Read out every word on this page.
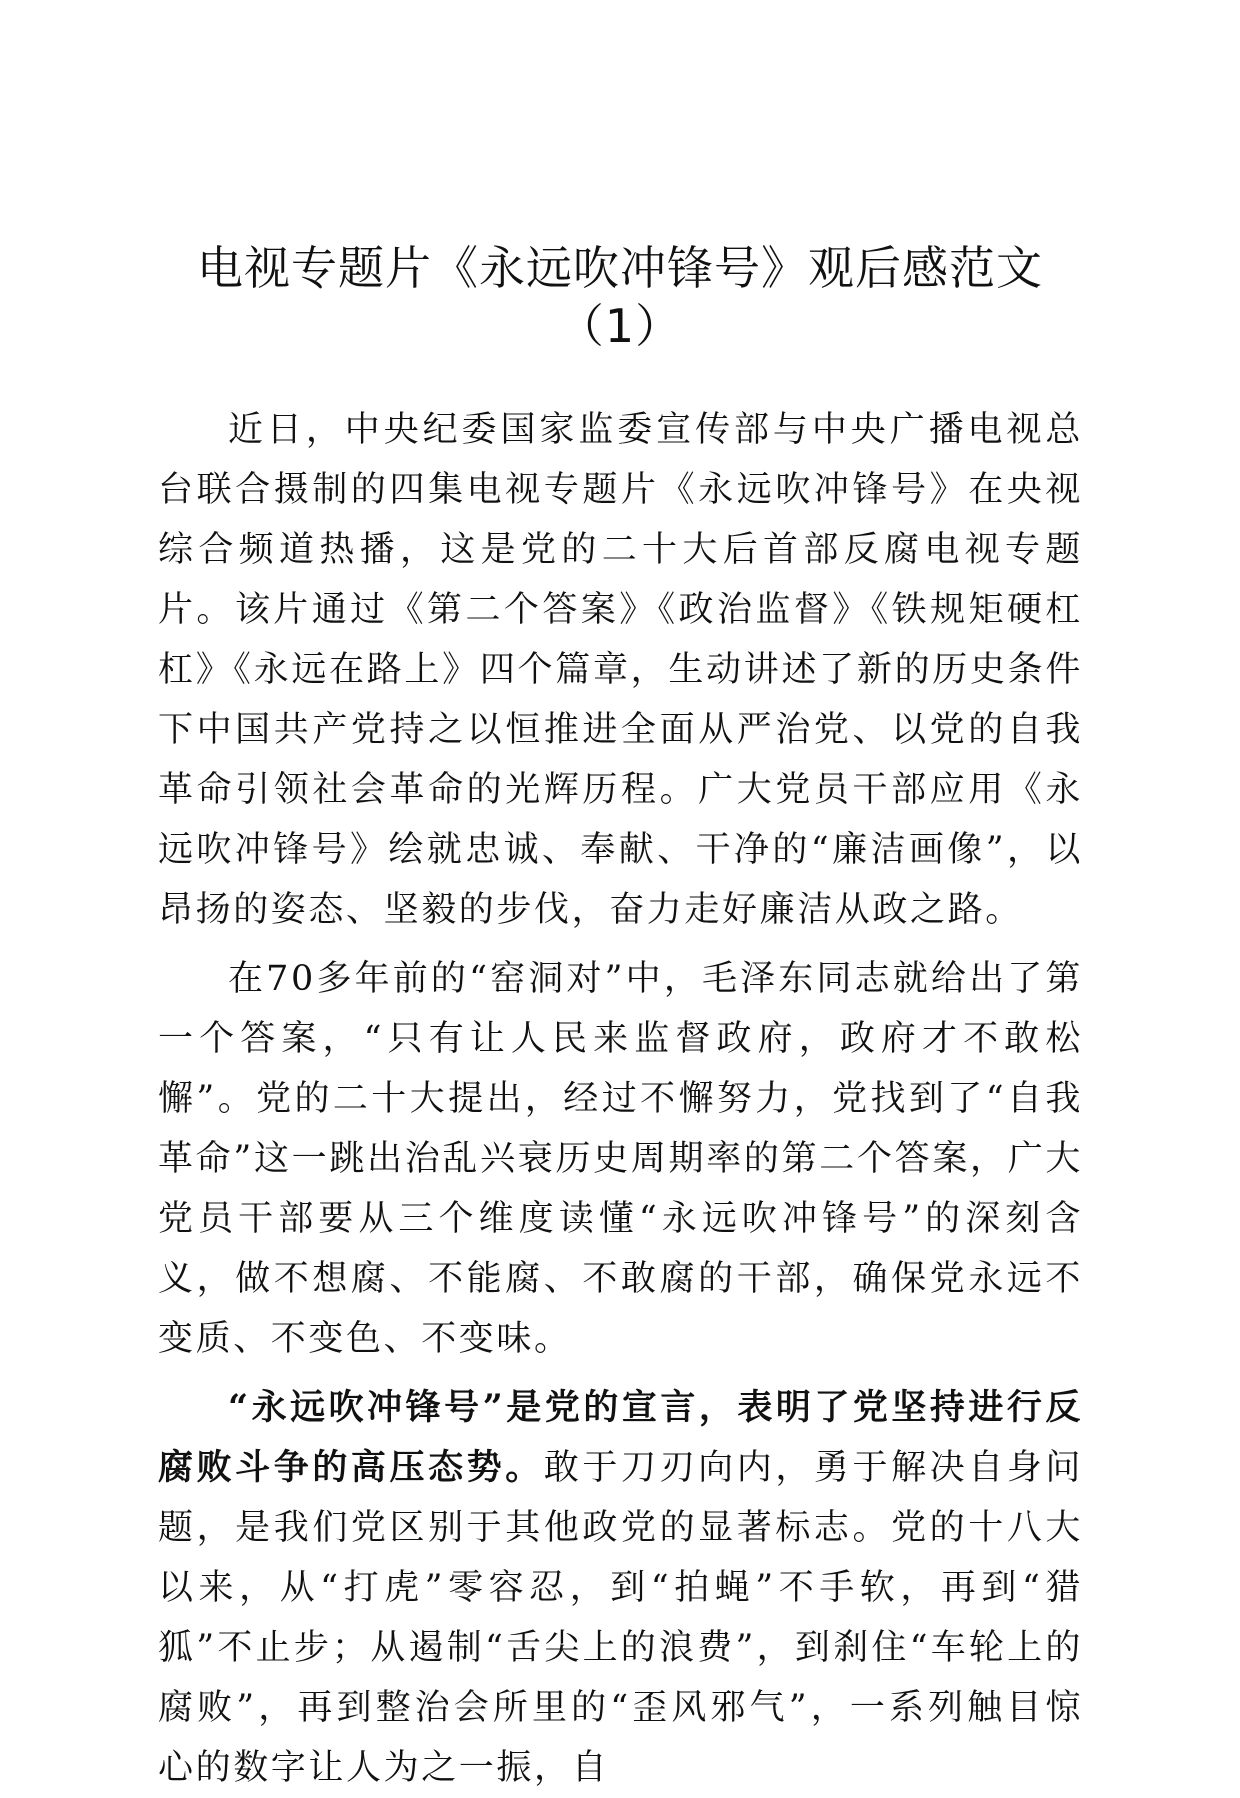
电视专题片《永远吹冲锋号》观后感范文
（1）

近日，中央纪委国家监委宣传部与中央广播电视总台联合摄制的四集电视专题片《永远吹冲锋号》在央视综合频道热播，这是党的二十大后首部反腐电视专题片。该片通过《第二个答案》《政治监督》《铁规矩硬杠杠》《永远在路上》四个篇章，生动讲述了新的历史条件下中国共产党持之以恒推进全面从严治党、以党的自我革命引领社会革命的光辉历程。广大党员干部应用《永远吹冲锋号》绘就忠诚、奉献、干净的“廉洁画像”，以昂扬的姿态、坚毅的步伐，奋力走好廉洁从政之路。

在70多年前的“窑洞对”中，毛泽东同志就给出了第一个答案，“只有让人民来监督政府，政府才不敢松懈”。党的二十大提出，经过不懈努力，党找到了“自我革命”这一跳出治乱兴衰历史周期率的第二个答案，广大党员干部要从三个维度读懂“永远吹冲锋号”的深刻含义，做不想腐、不能腐、不敢腐的干部，确保党永远不变质、不变色、不变味。

“永远吹冲锋号”是党的宣言，表明了党坚持进行反腐败斗争的高压态势。敢于刀刃向内，勇于解决自身问题，是我们党区别于其他政党的显著标志。党的十八大以来，从“打虎”零容忍，到“拍蝇”不手软，再到“猎狐”不止步；从遏制“舌尖上的浪费”，到刹住“车轮上的腐败”，再到整治会所里的“歪风邪气”，一系列触目惊心的数字让人为之一振，自
